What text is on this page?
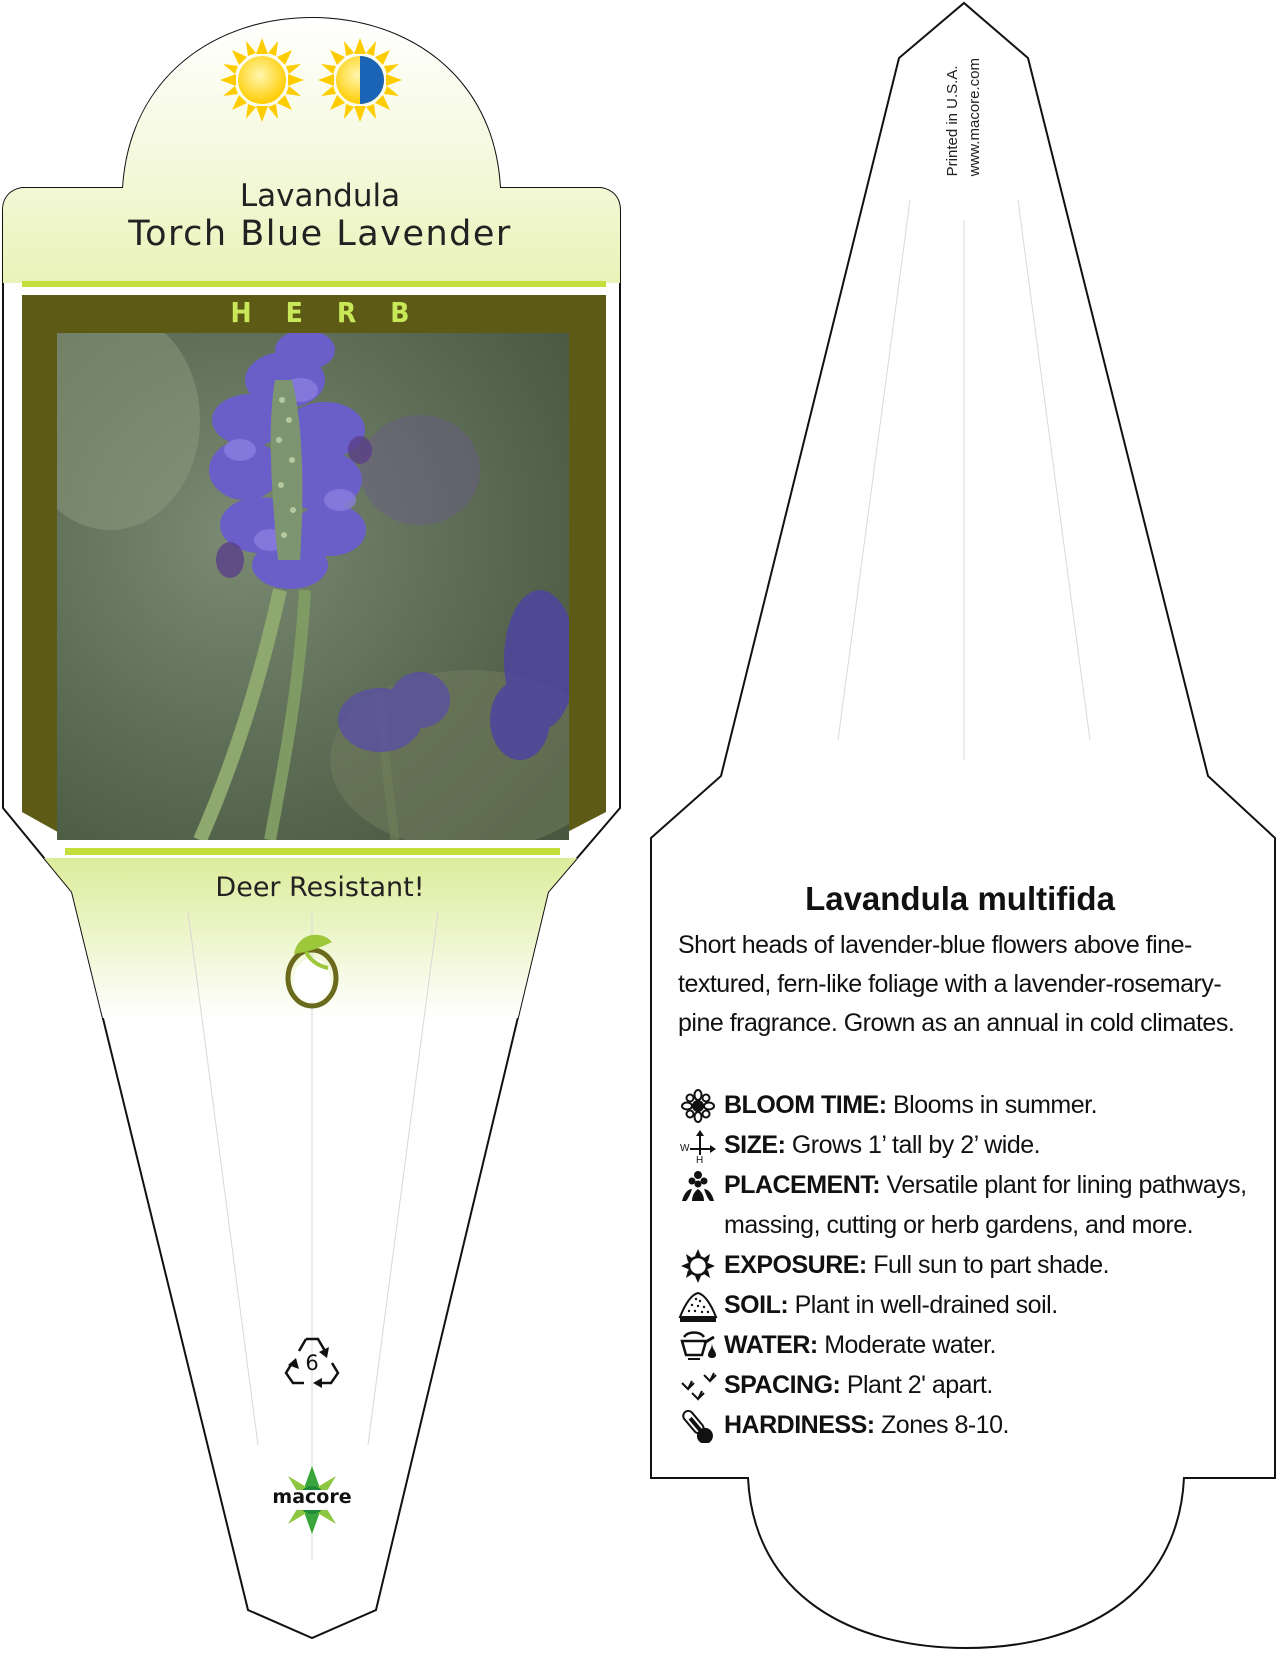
Lavandula
Torch Blue Lavender
HERB
Deer Resistant!
6
macore
Printed in U.S.A. www.macore.com
Lavandula multifida
Short heads of lavender-blue flowers above fine-textured, fern-like foliage with a lavender-rosemary-pine fragrance. Grown as an annual in cold climates.
BLOOM TIME: Blooms in summer.
W
H
SIZE: Grows 1’ tall by 2’ wide.
PLACEMENT: Versatile plant for lining pathways, massing, cutting or herb gardens, and more.
EXPOSURE: Full sun to part shade.
SOIL: Plant in well-drained soil.
WATER: Moderate water.
SPACING: Plant 2' apart.
HARDINESS: Zones 8-10.
